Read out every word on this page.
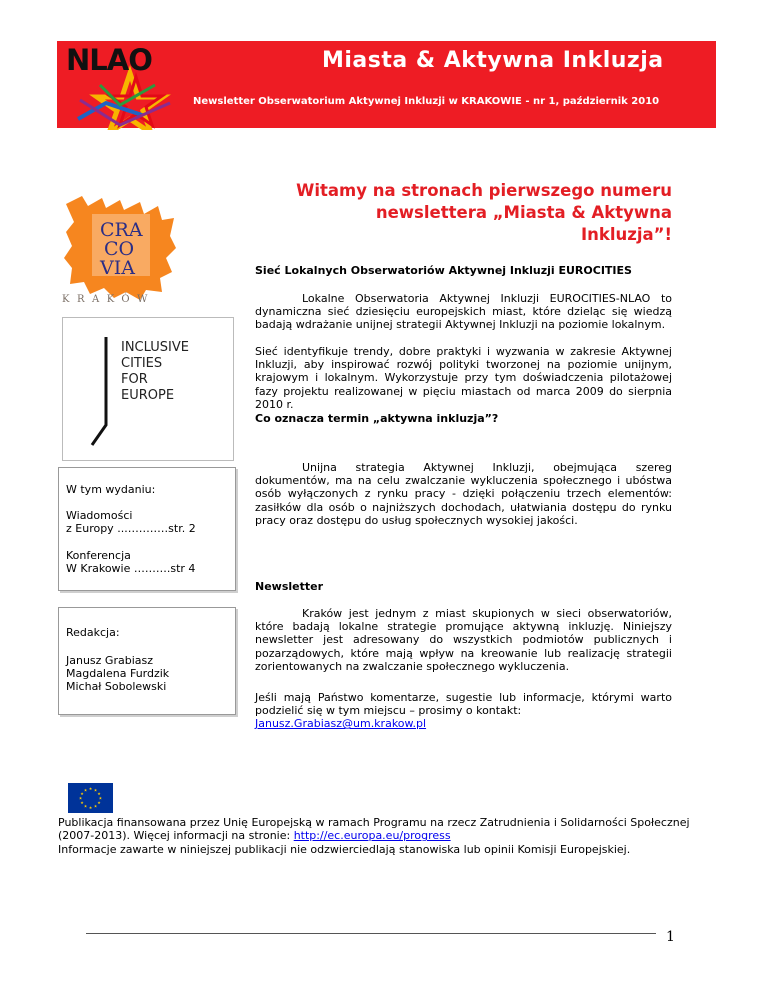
NLAO	Miasta & Aktywna Inkluzja
Newsletter Obserwatorium Aktywnej Inkluzji w KRAKOWIE - nr 1, październik 2010
Witamy na stronach pierwszego numeru
newslettera „Miasta & Aktywna Inkluzja”!
CRA
CO
VIA
KRAKÓW
INCLUSIVE
CITIES
FOR
EUROPE
W tym wydaniu:
Wiadomości
z Europy ..…………str. 2
Konferencja
W Krakowie ……….str 4
Redakcja:
Janusz Grabiasz
Magdalena Furdzik
Michał Sobolewski
Sieć Lokalnych Obserwatoriów Aktywnej Inkluzji EUROCITIES
Lokalne Obserwatoria Aktywnej Inkluzji EUROCITIES-NLAO to dynamiczna sieć dziesięciu europejskich miast, które dzieląc się wiedzą badają wdrażanie unijnej strategii Aktywnej Inkluzji na poziomie lokalnym.
Sieć identyfikuje trendy, dobre praktyki i wyzwania w zakresie Aktywnej Inkluzji, aby inspirować rozwój polityki tworzonej na poziomie unijnym, krajowym i lokalnym. Wykorzystuje przy tym doświadczenia pilotażowej fazy projektu realizowanej w pięciu miastach od marca 2009 do sierpnia 2010 r.
Co oznacza termin „aktywna inkluzja”?
Unijna strategia Aktywnej Inkluzji, obejmująca szereg dokumentów, ma na celu zwalczanie wykluczenia społecznego i ubóstwa osób wyłączonych z rynku pracy - dzięki połączeniu trzech elementów: zasiłków dla osób o najniższych dochodach, ułatwiania dostępu do rynku pracy oraz dostępu do usług społecznych wysokiej jakości.
Newsletter
Kraków jest jednym z miast skupionych w sieci obserwatoriów, które badają lokalne strategie promujące aktywną inkluzję. Niniejszy newsletter jest adresowany do wszystkich podmiotów publicznych i pozarządowych, które mają wpływ na kreowanie lub realizację strategii zorientowanych na zwalczanie społecznego wykluczenia.
Jeśli mają Państwo komentarze, sugestie lub informacje, którymi warto podzielić się w tym miejscu – prosimy o kontakt:
Janusz.Grabiasz@um.krakow.pl
★ ★
★
★
★
★
★
★
★
★
★
★
Publikacja finansowana przez Unię Europejską w ramach Programu na rzecz Zatrudnienia i Solidarności Społecznej (2007-2013). Więcej informacji na stronie: http://ec.europa.eu/progress
Informacje zawarte w niniejszej publikacji nie odzwierciedlają stanowiska lub opinii Komisji Europejskiej.
1
